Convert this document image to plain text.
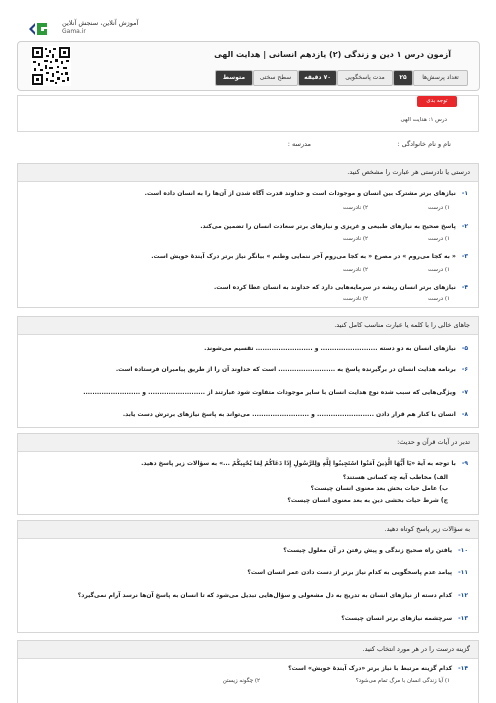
آموزش آنلاین، سنجش آنلاین
Gama.ir
آزمون درس ۱ دین و زندگی (۲) یازدهم انسانی | هدایت الهی
تعداد پرسش‌ها
۲۵
مدت پاسخگویی
۷۰ دقیقه
سطح سختی
متوسط
توجه بدی
درس ۱: هدایت الهی
نام و نام خانوادگی :
مدرسه :
درستی یا نادرستی هر عبارت را مشخص کنید.
۱-نیازهای برتر مشترک بین انسان و موجودات است و خداوند قدرت آگاه شدن از آن‌ها را به انسان داده است.
۱) درست
۲) نادرست
۲-پاسخ صحیح به نیازهای طبیعی و غریزی و نیازهای برتر سعادت انسان را تضمین می‌کند.
۱) درست
۲) نادرست
۳-« به کجا می‌روم » در مصرع « به کجا می‌روم آخر ننمایی وطنم » بیانگر نیاز برتر درک آیندهٔ خویش است.
۱) درست
۲) نادرست
۴-نیازهای برتر انسان ریشه در سرمایه‌هایی دارد که خداوند به انسان عطا کرده است.
۱) درست
۲) نادرست
جاهای خالی را با کلمه یا عبارت مناسب کامل کنید.
۵-نیازهای انسان به دو دسته ......................... و ......................... تقسیم می‌شوند.
۶-برنامه هدایت انسان در برگیرنده پاسخ به ......................... است که خداوند آن را از طریق پیامبران فرستاده است.
۷-ویژگی‌هایی که سبب شده نوع هدایت انسان با سایر موجودات متفاوت شود عبارتند از ......................... و .........................
۸-انسان با کنار هم قرار دادن ......................... و ......................... می‌تواند به پاسخ نیازهای برترش دست یابد.
تدبر در آیات قرآن و حدیث:
۹-با توجه به آیهٔ «يَا أَيُّهَا الَّذِينَ آمَنُوا اسْتَجِيبُوا لِلَّهِ وَلِلرَّسُولِ إِذَا دَعَاكُمْ لِمَا يُحْيِيكُمْ ...» به سؤالات زیر پاسخ دهید.
الف) مخاطب آیه چه کسانی هستند؟
ب) عامل حیات بخش بعد معنوی انسان چیست؟
ج) شرط حیات بخشی دین به بعد معنوی انسان چیست؟
به سؤالات زیر پاسخ کوتاه دهید.
۱۰-یافتن راه صحیح زندگی و پیش رفتن در آن معلول چیست؟
۱۱-پیامد عدم پاسخگویی به کدام نیاز برتر از دست دادن عمر انسان است؟
۱۲-کدام دسته از نیازهای انسان به تدریج به دل مشغولی و سؤال‌هایی تبدیل می‌شود که تا انسان به پاسخ آن‌ها نرسد آرام نمی‌گیرد؟
۱۳-سرچشمه نیازهای برتر انسان چیست؟
گزینه درست را در هر مورد انتخاب کنید.
۱۴-کدام گزینه مرتبط با نیاز برتر «درک آیندهٔ خویش» است؟
۱) آیا زندگی انسان با مرگ تمام می‌شود؟
۲) چگونه زیستن
